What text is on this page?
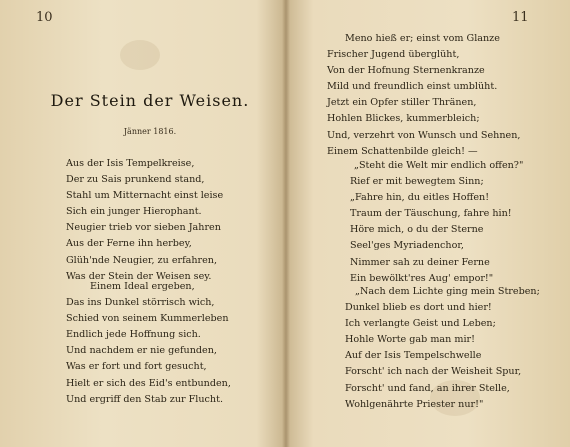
10
Der Stein der Weisen.
Jänner 1816.
Aus der Isis Tempelkreise,
Der zu Sais prunkend stand,
Stahl um Mitternacht einst leise
Sich ein junger Hierophant.
Neugier trieb vor sieben Jahren
Aus der Ferne ihn herbey,
Glüh'nde Neugier, zu erfahren,
Was der Stein der Weisen sey.
Einem Ideal ergeben,
Das ins Dunkel störrisch wich,
Schied von seinem Kummerleben
Endlich jede Hoffnung sich.
Und nachdem er nie gefunden,
Was er fort und fort gesucht,
Hielt er sich des Eid's entbunden,
Und ergriff den Stab zur Flucht.
11
Meno hieß er; einst vom Glanze
Frischer Jugend überglüht,
Von der Hofnung Sternenkranze
Mild und freundlich einst umblüht.
Jetzt ein Opfer stiller Thränen,
Hohlen Blickes, kummerbleich;
Und, verzehrt von Wunsch und Sehnen,
Einem Schattenbilde gleich! —
„Steht die Welt mir endlich offen?"
Rief er mit bewegtem Sinn;
„Fahre hin, du eitles Hoffen!
Traum der Täuschung, fahre hin!
Höre mich, o du der Sterne
Seel'ges Myriadenchor,
Nimmer sah zu deiner Ferne
Ein bewölkt'res Aug' empor!"
„Nach dem Lichte ging mein Streben;
Dunkel blieb es dort und hier!
Ich verlangte Geist und Leben;
Hohle Worte gab man mir!
Auf der Isis Tempelschwelle
Forscht' ich nach der Weisheit Spur,
Forscht' und fand, an ihrer Stelle,
Wohlgenährte Priester nur!"
